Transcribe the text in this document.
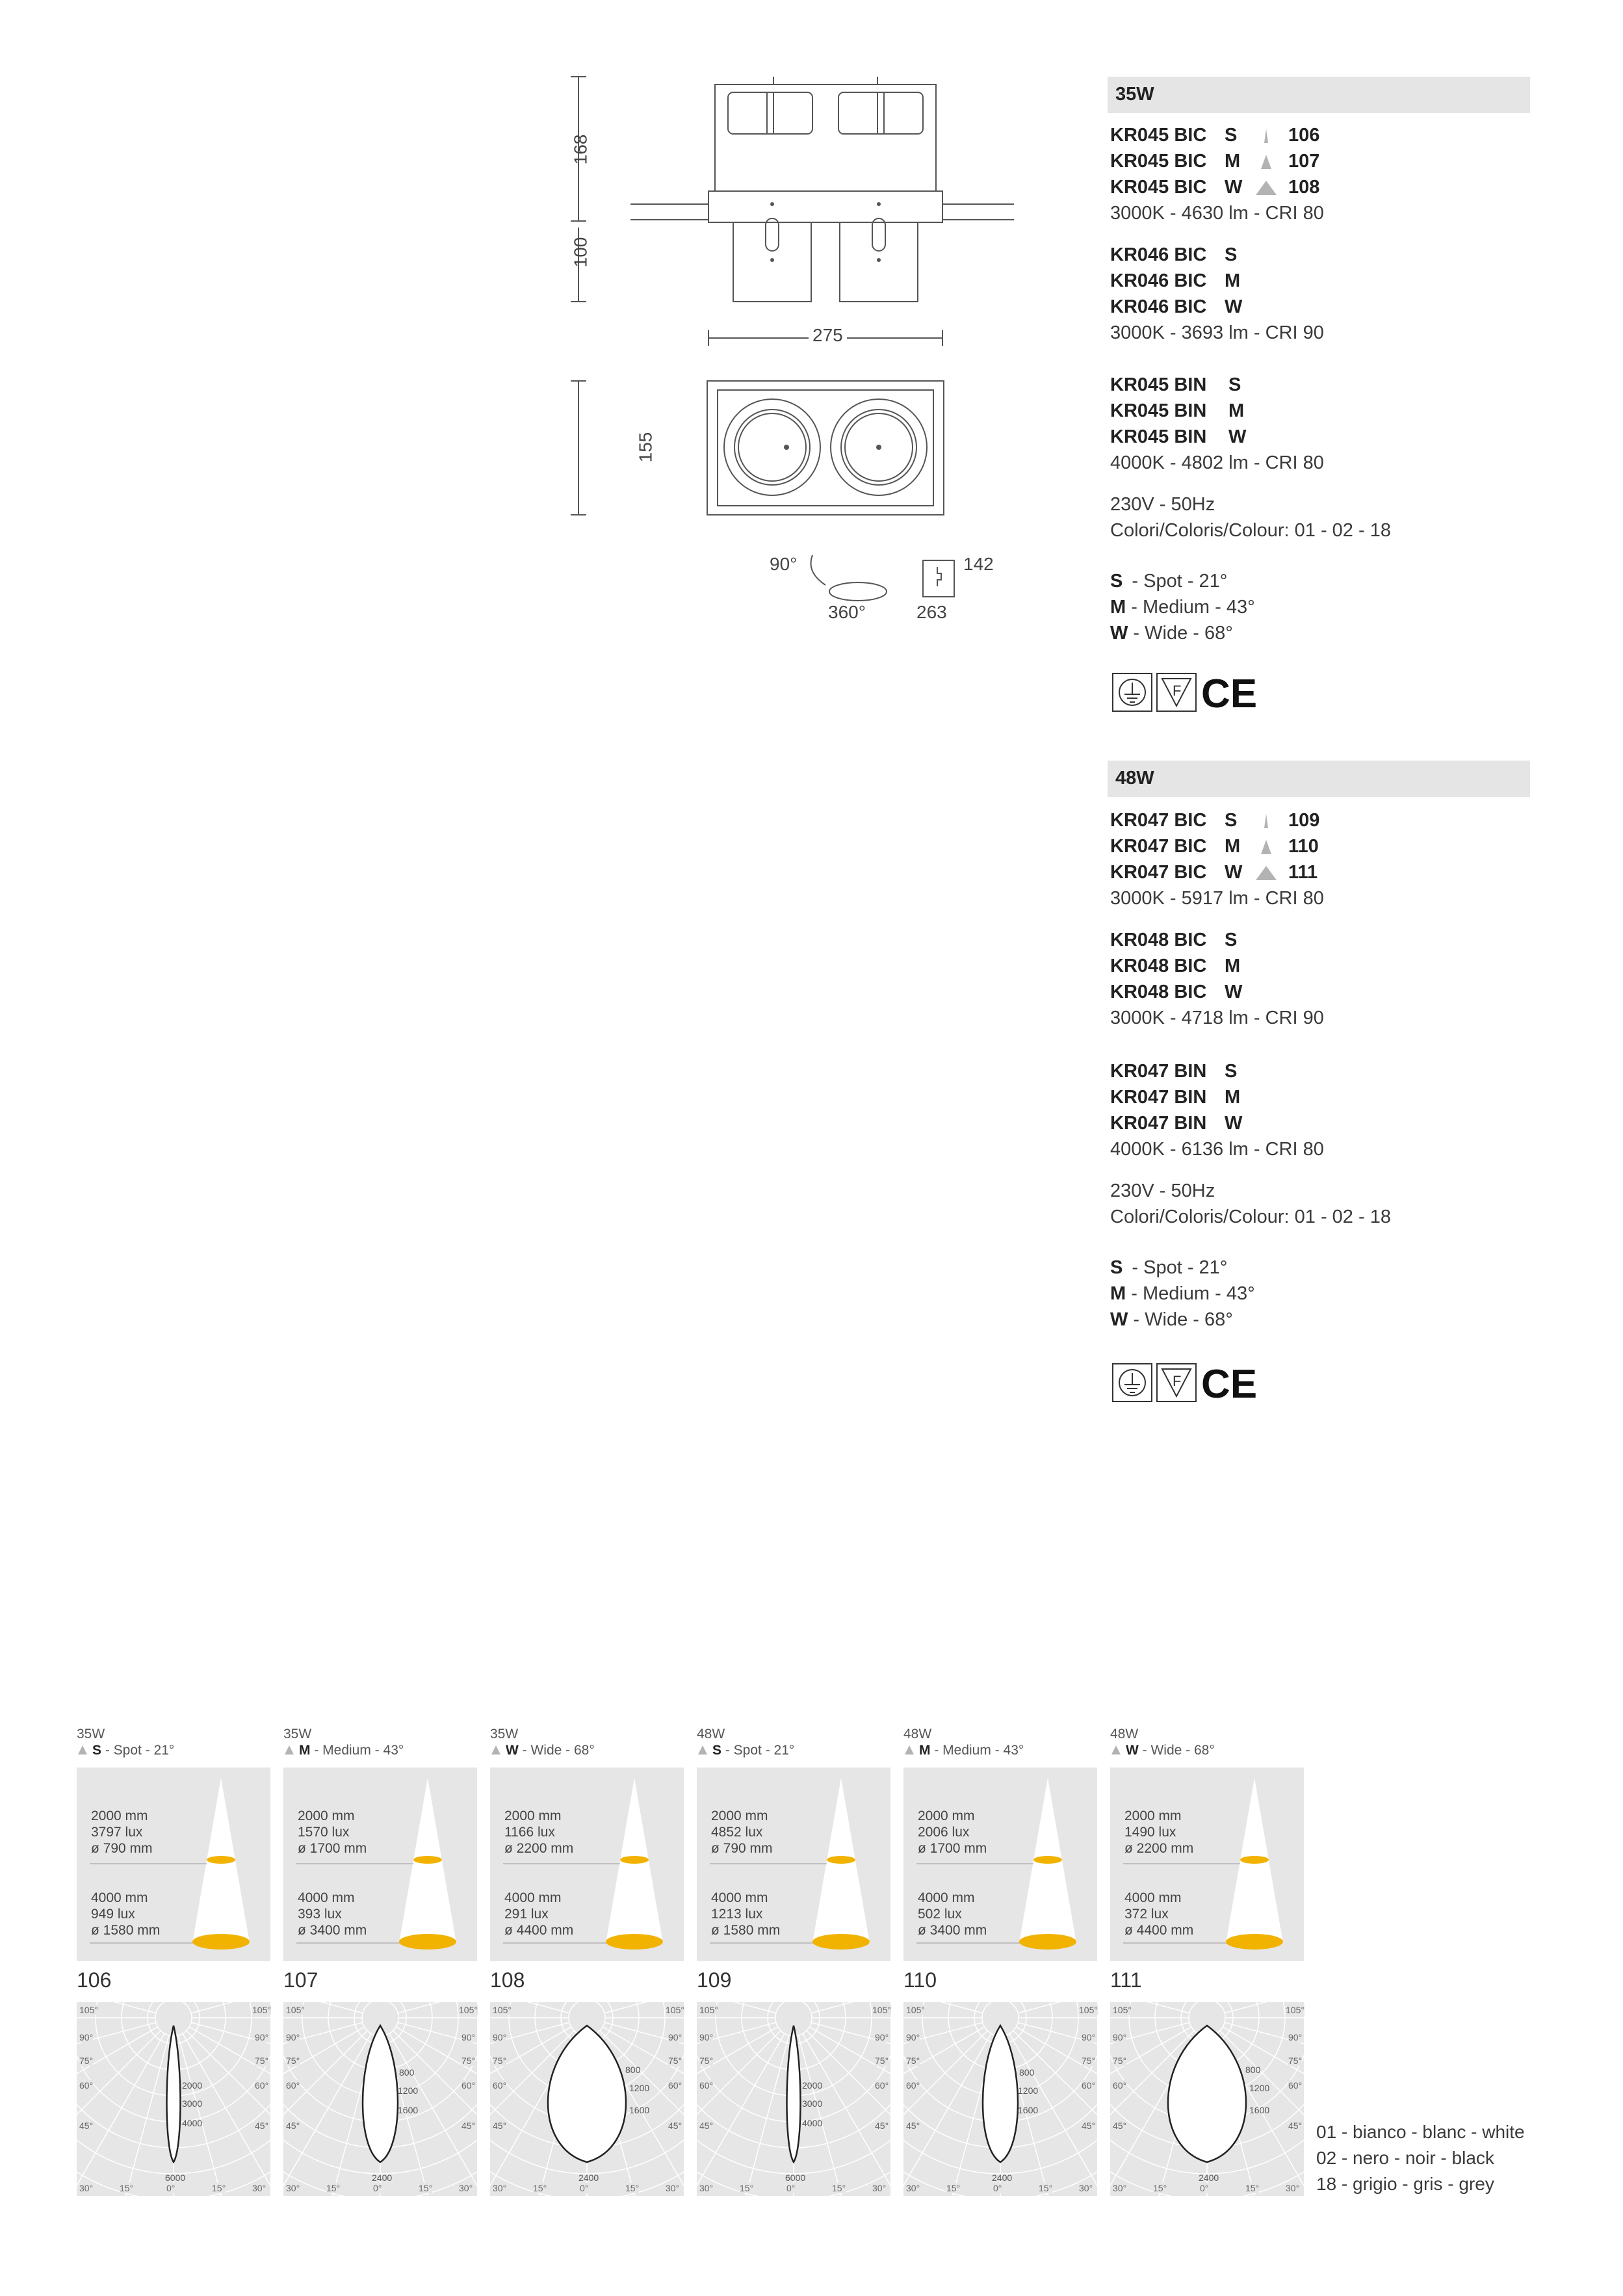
168
100
275
155
90°
360°
142
263
35W
KR045 BIC S	106
KR045 BIC M	107
KR045 BIC W 108
3000K - 4630 lm - CRI 80
KR046 BIC S
KR046 BIC M
KR046 BIC W
3000K - 3693 lm - CRI 90
KR045 BIN S
KR045 BIN M
KR045 BIN W
4000K - 4802 lm - CRI 80
230V - 50Hz
Colori/Coloris/Colour: 01 - 02 - 18
S - Spot - 21°
M - Medium - 43°
W - Wide - 68°
F CE
48W
KR047 BIC S	109
KR047 BIC M	110
KR047 BIC W 111
3000K - 5917 lm - CRI 80
KR048 BIC S
KR048 BIC M
KR048 BIC W
3000K - 4718 lm - CRI 90
KR047 BIN S
KR047 BIN M
KR047 BIN W
4000K - 6136 lm - CRI 80
230V - 50Hz
Colori/Coloris/Colour: 01 - 02 - 18
S - Spot - 21°
M - Medium - 43°
W - Wide - 68°
F CE
35W
S - Spot - 21°
2000 mm
3797 lux
ø 790 mm
4000 mm
949 lux
ø 1580 mm
106
105°	105°
90°	90°
75°	75°
60°	60°
45°	45°
30°	15°	0°	15°	30°
2000
3000
4000
6000
35W
M - Medium - 43°
2000 mm
1570 lux
ø 1700 mm
4000 mm
393 lux
ø 3400 mm
107
105°	105°
90°	90°
75°	75°
60°	60°
45°	45°
30°	15°	0°	15°	30°
800
1200
1600
2400
35W
W - Wide - 68°
2000 mm
1166 lux
ø 2200 mm
4000 mm
291 lux
ø 4400 mm
108
105°	105°
90°	90°
75°	75°
60°	60°
45°	45°
30°	15°	0°	15°	30°
800
1200
1600
2400
48W
S - Spot - 21°
2000 mm
4852 lux
ø 790 mm
4000 mm
1213 lux
ø 1580 mm
109
105°	105°
90°	90°
75°	75°
60°	60°
45°	45°
30°	15°	0°	15°	30°
2000
3000
4000
6000
48W
M - Medium - 43°
2000 mm
2006 lux
ø 1700 mm
4000 mm
502 lux
ø 3400 mm
110
105°	105°
90°	90°
75°	75°
60°	60°
45°	45°
30°	15°	0°	15°	30°
800
1200
1600
2400
48W
W - Wide - 68°
2000 mm
1490 lux
ø 2200 mm
4000 mm
372 lux
ø 4400 mm
111
105°	105°
90°	90°
75°	75°
60°	60°
45°	45°
30°	15°	0°	15°	30°
800
1200
1600
2400
01 - bianco - blanc - white
02 - nero - noir - black
18 - grigio - gris - grey
